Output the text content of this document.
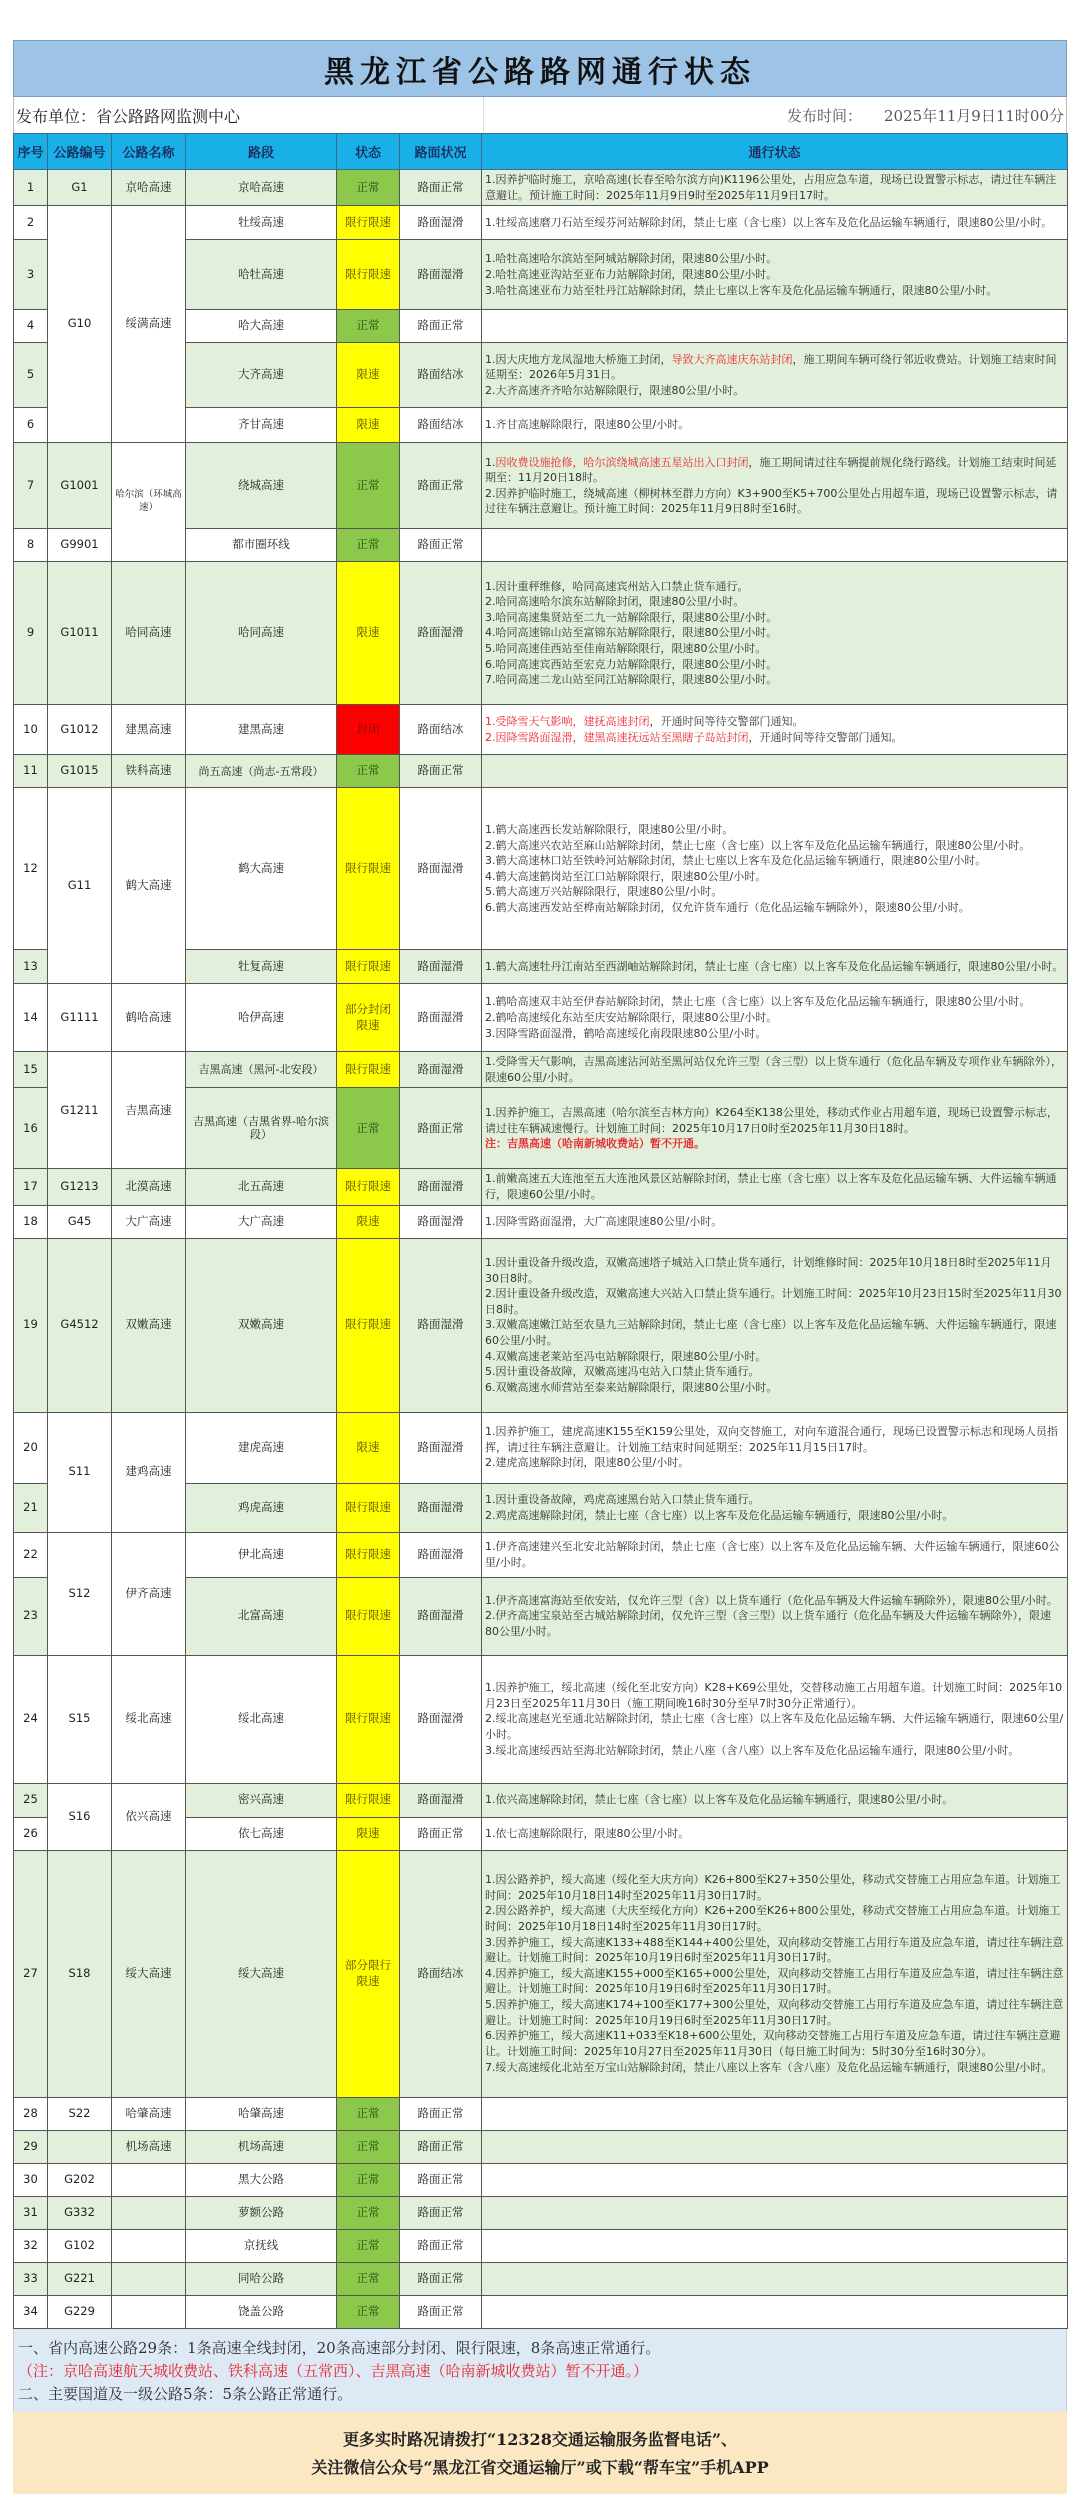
黑龙江省公路路网通行状态
发布单位：省公路路网监测中心	发布时间： 2025年11月9日11时00分
序号	公路编号	公路名称	路段	状态	路面状况	通行状态
1	G1	京哈高速	京哈高速	正常	路面正常	1.因养护临时施工，京哈高速(长春至哈尔滨方向)K1196公里处，占用应急车道，现场已设置警示标志，请过往车辆注意避让。预计施工时间：2025年11月9日9时至2025年11月9日17时。

2	G10	绥满高速	牡绥高速	限行限速	路面湿滑	1.牡绥高速磨刀石站至绥芬河站解除封闭，禁止七座（含七座）以上客车及危化品运输车辆通行，限速80公里/小时。

3			哈牡高速	限行限速	路面湿滑	1.哈牡高速哈尔滨站至阿城站解除封闭，限速80公里/小时。
2.哈牡高速亚沟站至亚布力站解除封闭，限速80公里/小时。
3.哈牡高速亚布力站至牡丹江站解除封闭，禁止七座以上客车及危化品运输车辆通行，限速80公里/小时。

4			哈大高速	正常	路面正常	
5			大齐高速	限速	路面结冰	1.因大庆地方龙凤湿地大桥施工封闭，导致大齐高速庆东站封闭，施工期间车辆可绕行邻近收费站。计划施工结束时间延期至：2026年5月31日。
2.大齐高速齐齐哈尔站解除限行，限速80公里/小时。

6			齐甘高速	限速	路面结冰	1.齐甘高速解除限行，限速80公里/小时。

7	G1001	哈尔滨（环城高速）	绕城高速	正常	路面正常	1.因收费设施抢修，哈尔滨绕城高速五星站出入口封闭，施工期间请过往车辆提前规化绕行路线。计划施工结束时间延期至：11月20日18时。
2.因养护临时施工，绕城高速（柳树林至群力方向）K3+900至K5+700公里处占用超车道，现场已设置警示标志，请过往车辆注意避让。预计施工时间：2025年11月9日8时至16时。

8	G9901		都市圈环线	正常	路面正常	
9	G1011	哈同高速	哈同高速	限速	路面湿滑	
1.因计重秤维修，哈同高速宾州站入口禁止货车通行。
2.哈同高速哈尔滨东站解除封闭，限速80公里/小时。
3.哈同高速集贤站至二九一站解除限行，限速80公里/小时。
4.哈同高速锦山站至富锦东站解除限行，限速80公里/小时。
5.哈同高速佳西站至佳南站解除限行，限速80公里/小时。
6.哈同高速宾西站至宏克力站解除限行，限速80公里/小时。
7.哈同高速二龙山站至同江站解除限行，限速80公里/小时。

10	G1012	建黑高速	建黑高速	封闭	路面结冰	1.受降雪天气影响，建抚高速封闭，开通时间等待交警部门通知。
2.因降雪路面湿滑，建黑高速抚远站至黑瞎子岛站封闭，开通时间等待交警部门通知。

11	G1015	铁科高速	尚五高速（尚志-五常段）	正常	路面正常	
12	G11	鹤大高速	鹤大高速	限行限速	路面湿滑	
1.鹤大高速西长发站解除限行，限速80公里/小时。
2.鹤大高速兴农站至麻山站解除封闭，禁止七座（含七座）以上客车及危化品运输车辆通行，限速80公里/小时。
3.鹤大高速林口站至铁岭河站解除封闭，禁止七座以上客车及危化品运输车辆通行，限速80公里/小时。
4.鹤大高速鹤岗站至江口站解除限行，限速80公里/小时。
5.鹤大高速万兴站解除限行，限速80公里/小时。
6.鹤大高速西发站至桦南站解除封闭，仅允许货车通行（危化品运输车辆除外），限速80公里/小时。

13			牡复高速	限行限速	路面湿滑	1.鹤大高速牡丹江南站至西湖岫站解除封闭，禁止七座（含七座）以上客车及危化品运输车辆通行，限速80公里/小时。

14	G1111	鹤哈高速	哈伊高速	部分封闭限速	路面湿滑	1.鹤哈高速双丰站至伊春站解除封闭，禁止七座（含七座）以上客车及危化品运输车辆通行，限速80公里/小时。
2.鹤哈高速绥化东站至庆安站解除限行，限速80公里/小时。
3.因降雪路面湿滑，鹤哈高速绥化南段限速80公里/小时。

15	G1211	吉黑高速	吉黑高速（黑河-北安段）	限行限速	路面湿滑	1.受降雪天气影响，吉黑高速沾河站至黑河站仅允许三型（含三型）以上货车通行（危化品车辆及专项作业车辆除外），限速60公里/小时。

16			吉黑高速（吉黑省界-哈尔滨段）	正常	路面正常	1.因养护施工，吉黑高速（哈尔滨至吉林方向）K264至K138公里处，移动式作业占用超车道，现场已设置警示标志，请过往车辆减速慢行。计划施工时间：2025年10月17日0时至2025年11月30日18时。
注：吉黑高速（哈南新城收费站）暂不开通。

17	G1213	北漠高速	北五高速	限行限速	路面湿滑	1.前嫩高速五大连池至五大连池风景区站解除封闭，禁止七座（含七座）以上客车及危化品运输车辆、大件运输车辆通行，限速60公里/小时。

18	G45	大广高速	大广高速	限速	路面湿滑	1.因降雪路面湿滑，大广高速限速80公里/小时。

19	G4512	双嫩高速	双嫩高速	限行限速	路面湿滑	
1.因计重设备升级改造，双嫩高速塔子城站入口禁止货车通行，计划维修时间：2025年10月18日8时至2025年11月30日8时。
2.因计重设备升级改造，双嫩高速大兴站入口禁止货车通行。计划施工时间：2025年10月23日15时至2025年11月30日8时。
3.双嫩高速嫩江站至农垦九三站解除封闭，禁止七座（含七座）以上客车及危化品运输车辆、大件运输车辆通行，限速60公里/小时。
4.双嫩高速老莱站至冯屯站解除限行，限速80公里/小时。
5.因计重设备故障，双嫩高速冯屯站入口禁止货车通行。
6.双嫩高速水师营站至泰来站解除限行，限速80公里/小时。

20	S11	建鸡高速	建虎高速	限速	路面湿滑	1.因养护施工，建虎高速K155至K159公里处，双向交替施工，对向车道混合通行，现场已设置警示标志和现场人员指挥，请过往车辆注意避让。计划施工结束时间延期至：2025年11月15日17时。
2.建虎高速解除封闭，限速80公里/小时。

21			鸡虎高速	限行限速	路面湿滑	1.因计重设备故障，鸡虎高速黑台站入口禁止货车通行。
2.鸡虎高速解除封闭，禁止七座（含七座）以上客车及危化品运输车辆通行，限速80公里/小时。

22	S12	伊齐高速	伊北高速	限行限速	路面湿滑	1.伊齐高速建兴至北安北站解除封闭，禁止七座（含七座）以上客车及危化品运输车辆、大件运输车辆通行，限速60公里/小时。

23			北富高速	限行限速	路面湿滑	1.伊齐高速富海站至依安站，仅允许三型（含）以上货车通行（危化品车辆及大件运输车辆除外），限速80公里/小时。
2.伊齐高速宝泉站至古城站解除封闭，仅允许三型（含三型）以上货车通行（危化品车辆及大件运输车辆除外），限速80公里/小时。

24	S15	绥北高速	绥北高速	限行限速	路面湿滑	1.因养护施工，绥北高速（绥化至北安方向）K28+K69公里处，交替移动施工占用超车道。计划施工时间：2025年10月23日至2025年11月30日（施工期间晚16时30分至早7时30分正常通行）。
2.绥北高速赵光至通北站解除封闭，禁止七座（含七座）以上客车及危化品运输车辆、大件运输车辆通行，限速60公里/小时。
3.绥北高速绥西站至海北站解除封闭，禁止八座（含八座）以上客车及危化品运输车通行，限速80公里/小时。

25	S16	依兴高速	密兴高速	限行限速	路面湿滑	1.依兴高速解除封闭，禁止七座（含七座）以上客车及危化品运输车辆通行，限速80公里/小时。

26			依七高速	限速	路面正常	1.依七高速解除限行，限速80公里/小时。

27	S18	绥大高速	绥大高速	部分限行限速	路面结冰	
1.因公路养护，绥大高速（绥化至大庆方向）K26+800至K27+350公里处，移动式交替施工占用应急车道。计划施工时间：2025年10月18日14时至2025年11月30日17时。
2.因公路养护，绥大高速（大庆至绥化方向）K26+200至K26+800公里处，移动式交替施工占用应急车道。计划施工时间：2025年10月18日14时至2025年11月30日17时。
3.因养护施工，绥大高速K133+488至K144+400公里处，双向移动交替施工占用行车道及应急车道，请过往车辆注意避让。计划施工时间：2025年10月19日6时至2025年11月30日17时。
4.因养护施工，绥大高速K155+000至K165+000公里处，双向移动交替施工占用行车道及应急车道，请过往车辆注意避让。计划施工时间：2025年10月19日6时至2025年11月30日17时。
5.因养护施工，绥大高速K174+100至K177+300公里处，双向移动交替施工占用行车道及应急车道，请过往车辆注意避让。计划施工时间：2025年10月19日6时至2025年11月30日17时。
6.因养护施工，绥大高速K11+033至K18+600公里处，双向移动交替施工占用行车道及应急车道，请过往车辆注意避让。计划施工时间：2025年10月27日至2025年11月30日（每日施工时间为：5时30分至16时30分）。
7.绥大高速绥化北站至万宝山站解除封闭，禁止八座以上客车（含八座）及危化品运输车辆通行，限速80公里/小时。

28	S22	哈肇高速	哈肇高速	正常	路面正常	
29		机场高速	机场高速	正常	路面正常	
30	G202		黑大公路	正常	路面正常	
31	G332		萝额公路	正常	路面正常	
32	G102		京抚线	正常	路面正常	
33	G221		同哈公路	正常	路面正常	
34	G229		饶盖公路	正常	路面正常	
一、省内高速公路29条：1条高速全线封闭，20条高速部分封闭、限行限速，8条高速正常通行。
（注：京哈高速航天城收费站、铁科高速（五常西）、吉黑高速（哈南新城收费站）暂不开通。）
二、主要国道及一级公路5条：5条公路正常通行。
更多实时路况请拨打“12328交通运输服务监督电话”、
关注微信公众号“黑龙江省交通运输厅”或下载“帮车宝”手机APP
